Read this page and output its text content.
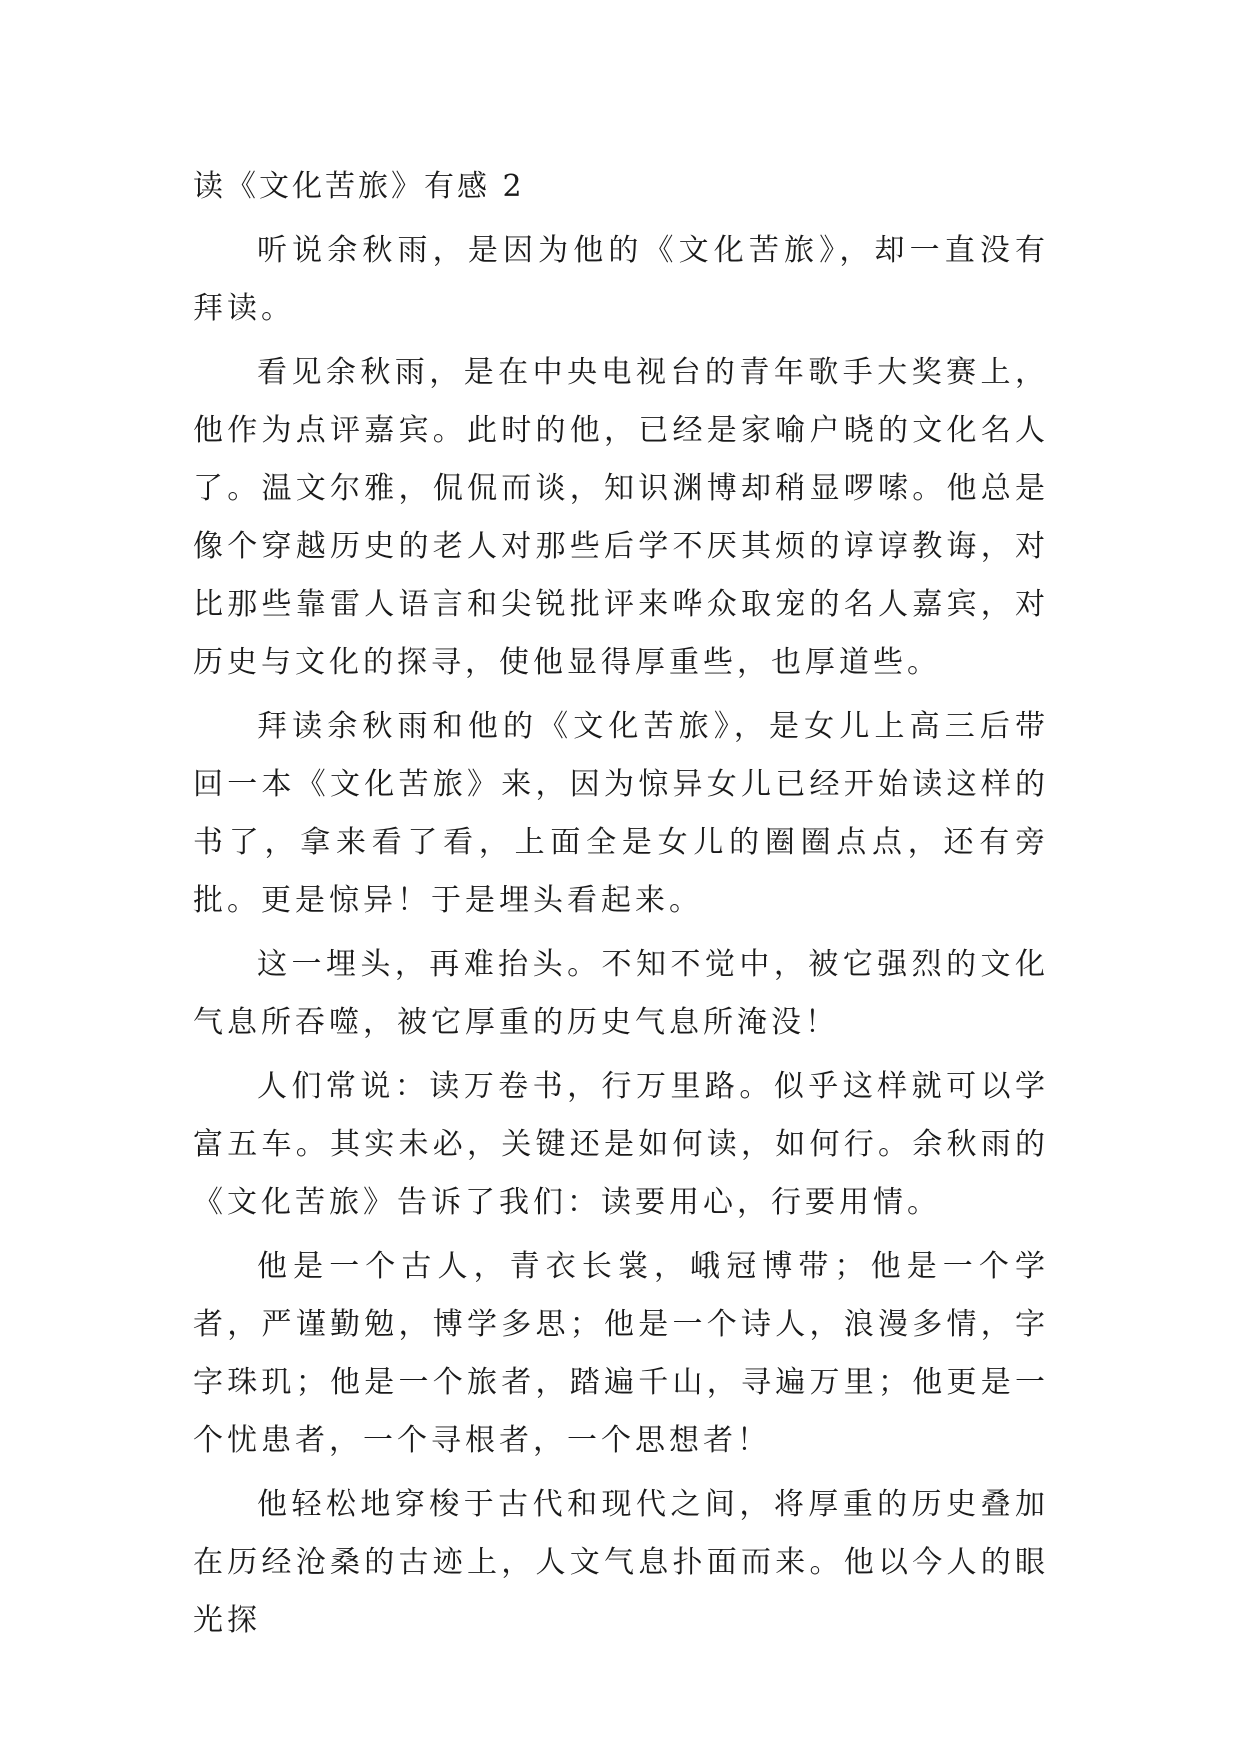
读《文化苦旅》有感 2

听说余秋雨，是因为他的《文化苦旅》，却一直没有拜读。

看见余秋雨，是在中央电视台的青年歌手大奖赛上，他作为点评嘉宾。此时的他，已经是家喻户晓的文化名人了。温文尔雅，侃侃而谈，知识渊博却稍显啰嗦。他总是像个穿越历史的老人对那些后学不厌其烦的谆谆教诲，对比那些靠雷人语言和尖锐批评来哗众取宠的名人嘉宾，对历史与文化的探寻，使他显得厚重些，也厚道些。

拜读余秋雨和他的《文化苦旅》，是女儿上高三后带回一本《文化苦旅》来，因为惊异女儿已经开始读这样的书了，拿来看了看，上面全是女儿的圈圈点点，还有旁批。更是惊异！于是埋头看起来。

这一埋头，再难抬头。不知不觉中，被它强烈的文化气息所吞噬，被它厚重的历史气息所淹没！

人们常说：读万卷书，行万里路。似乎这样就可以学富五车。其实未必，关键还是如何读，如何行。余秋雨的《文化苦旅》告诉了我们：读要用心，行要用情。

他是一个古人，青衣长裳，峨冠博带；他是一个学者，严谨勤勉，博学多思；他是一个诗人，浪漫多情，字字珠玑；他是一个旅者，踏遍千山，寻遍万里；他更是一个忧患者，一个寻根者，一个思想者！

他轻松地穿梭于古代和现代之间，将厚重的历史叠加在历经沧桑的古迹上，人文气息扑面而来。他以今人的眼光探
